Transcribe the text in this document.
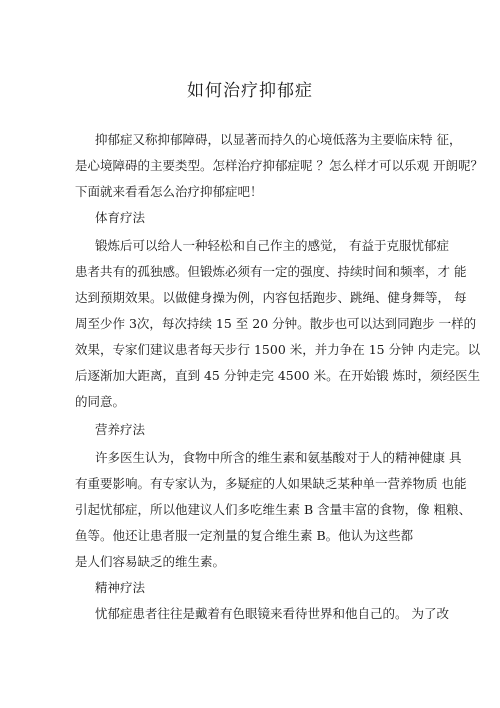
如何治疗抑郁症
抑郁症又称抑郁障碍，以显著而持久的心境低落为主要临床特 征，
是心境障碍的主要类型。怎样治疗抑郁症呢 ？怎么样才可以乐观 开朗呢？
下面就来看看怎么治疗抑郁症吧！
体育疗法
锻炼后可以给人一种轻松和自己作主的感觉， 有益于克服忧郁症
患者共有的孤独感。但锻炼必须有一定的强度、持续时间和频率，才 能
达到预期效果。以做健身操为例，内容包括跑步、跳绳、健身舞等， 每
周至少作 3次，每次持续 15 至 20 分钟。散步也可以达到同跑步 一样的
效果，专家们建议患者每天步行 1500 米，并力争在 15 分钟 内走完。以
后逐渐加大距离，直到 45 分钟走完 4500 米。在开始锻 炼时，须经医生
的同意。
营养疗法
许多医生认为，食物中所含的维生素和氨基酸对于人的精神健康 具
有重要影响。有专家认为，多疑症的人如果缺乏某种单一营养物质 也能
引起忧郁症，所以他建议人们多吃维生素 B 含量丰富的食物，像 粗粮、
鱼等。他还让患者服一定剂量的复合维生素 B。他认为这些都
是人们容易缺乏的维生素。
精神疗法
忧郁症患者往往是戴着有色眼镜来看待世界和他自己的。 为了改
